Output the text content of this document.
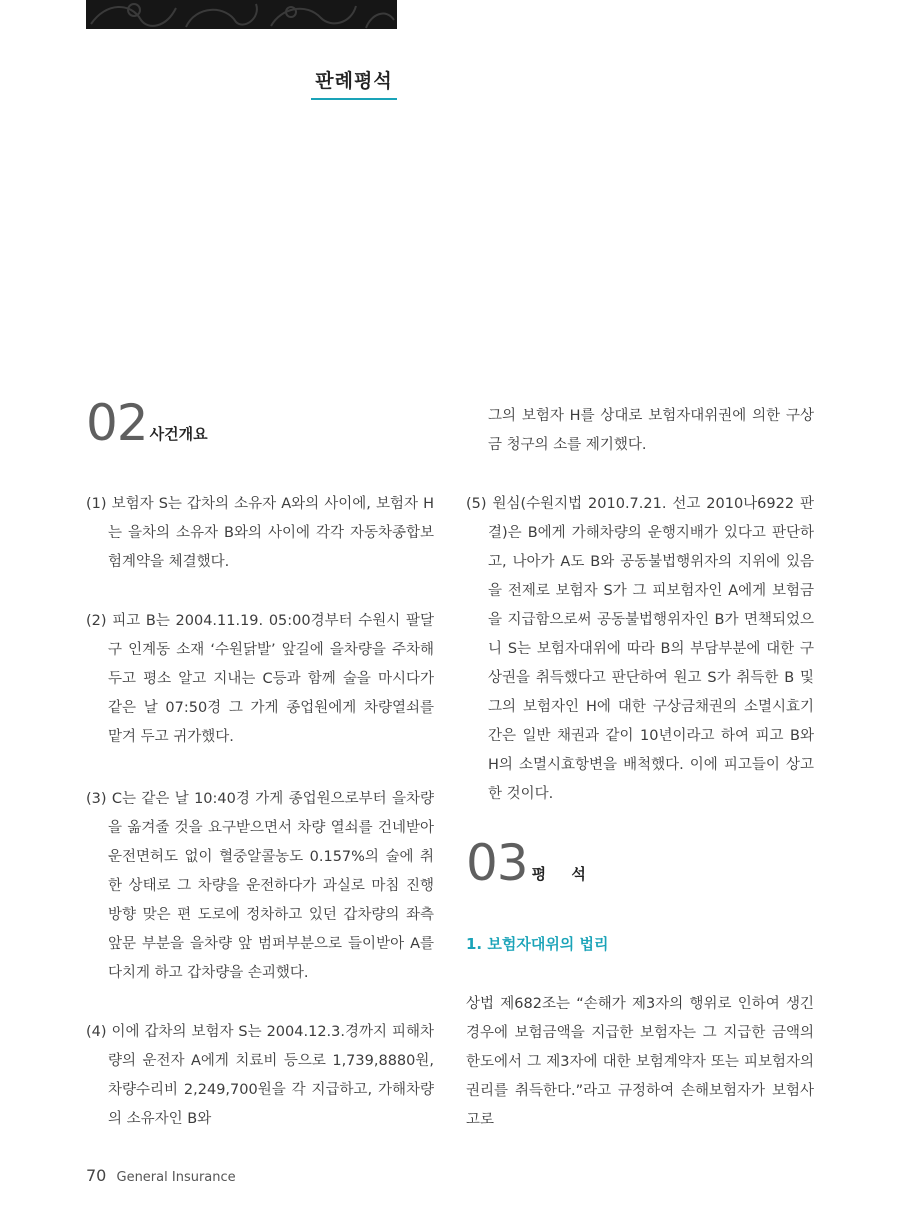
판례평석
02 사건개요
(1) 보험자 S는 갑차의 소유자 A와의 사이에, 보험자 H는 을차의 소유자 B와의 사이에 각각 자동차종합보험계약을 체결했다.
(2) 피고 B는 2004.11.19. 05:00경부터 수원시 팔달구 인계동 소재 ‘수원닭발’ 앞길에 을차량을 주차해 두고 평소 알고 지내는 C등과 함께 술을 마시다가 같은 날 07:50경 그 가게 종업원에게 차량열쇠를 맡겨 두고 귀가했다.
(3) C는 같은 날 10:40경 가게 종업원으로부터 을차량을 옮겨줄 것을 요구받으면서 차량 열쇠를 건네받아 운전면허도 없이 혈중알콜농도 0.157%의 술에 취한 상태로 그 차량을 운전하다가 과실로 마침 진행방향 맞은 편 도로에 정차하고 있던 갑차량의 좌측 앞문 부분을 을차량 앞 범퍼부분으로 들이받아 A를 다치게 하고 갑차량을 손괴했다.
(4) 이에 갑차의 보험자 S는 2004.12.3.경까지 피해차량의 운전자 A에게 치료비 등으로 1,739,8880원, 차량수리비 2,249,700원을 각 지급하고, 가해차량의 소유자인 B와
그의 보험자 H를 상대로 보험자대위권에 의한 구상금 청구의 소를 제기했다.
(5) 원심(수원지법 2010.7.21. 선고 2010나6922 판결)은 B에게 가해차량의 운행지배가 있다고 판단하고, 나아가 A도 B와 공동불법행위자의 지위에 있음을 전제로 보험자 S가 그 피보험자인 A에게 보험금을 지급함으로써 공동불법행위자인 B가 면책되었으니 S는 보험자대위에 따라 B의 부담부분에 대한 구상권을 취득했다고 판단하여 원고 S가 취득한 B 및 그의 보험자인 H에 대한 구상금채권의 소멸시효기간은 일반 채권과 같이 10년이라고 하여 피고 B와 H의 소멸시효항변을 배척했다. 이에 피고들이 상고한 것이다.
1. 보험자대위의 법리
상법 제682조는 “손해가 제3자의 행위로 인하여 생긴 경우에 보험금액을 지급한 보험자는 그 지급한 금액의 한도에서 그 제3자에 대한 보험계약자 또는 피보험자의 권리를 취득한다.”라고 규정하여 손해보험자가 보험사고로
03 평 석
70 General Insurance
